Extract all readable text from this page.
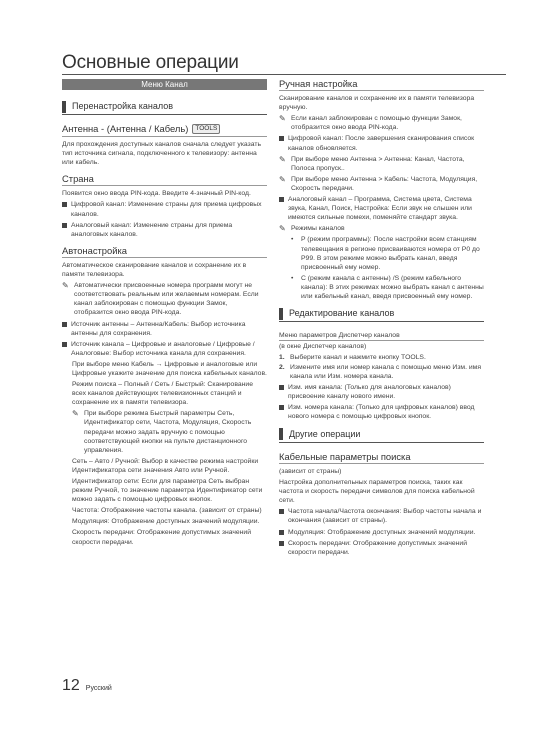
Основные операции
Меню Канал
Перенастройка каналов
Антенна - (Антенна / Кабель)	TOOLS

Для прохождения доступных каналов сначала следует указать тип источника сигнала, подключенного к телевизору: антенна или кабель.

Страна

Появится окно ввода PIN-кода. Введите 4-значный PIN-код.

Цифровой канал: Изменение страны для приема цифровых каналов.
Аналоговый канал: Изменение страны для приема аналоговых каналов.
Автонастройка

Автоматическое сканирование каналов и сохранение их в памяти телевизора.

✎ Автоматически присвоенные номера программ могут не соответствовать реальным или желаемым номерам. Если канал заблокирован с помощью функции Замок, отобразится окно ввода PIN-кода.
Источник антенны – Антенна/Кабель: Выбор источника антенны для сохранения.
Источник канала – Цифровые и аналоговые / Цифровые /Аналоговые: Выбор источника канала для сохранения.

При выборе меню Кабель → Цифровые и аналоговые или Цифровые укажите значение для поиска кабельных каналов.

Режим поиска – Полный / Сеть / Быстрый: Сканирование всех каналов действующих телевизионных станций и сохранение их в памяти телевизора.

✎ При выборе режима Быстрый параметры Сеть, Идентификатор сети, Частота, Модуляция, Скорость передачи можно задать вручную с помощью соответствующей кнопки на пульте дистанционного управления.

Сеть – Авто / Ручной: Выбор в качестве режима настройки Идентификатора сети значения Авто или Ручной.

Идентификатор сети: Если для параметра Сеть выбран режим Ручной, то значение параметра Идентификатор сети можно задать с помощью цифровых кнопок.

Частота: Отображение частоты канала. (зависит от страны)

Модуляция: Отображение доступных значений модуляции.

Скорость передачи: Отображение допустимых значений скорости передачи.

Ручная настройка

Сканирование каналов и сохранение их в памяти телевизора вручную.

✎ Если канал заблокирован с помощью функции Замок, отобразится окно ввода PIN-кода.
Цифровой канал: После завершения сканирования список каналов обновляется.
✎ При выборе меню Антенна > Антенна: Канал, Частота, Полоса пропуск..
✎ При выборе меню Антенна > Кабель: Частота, Модуляция, Скорость передачи.
Аналоговый канал – Программа, Система цвета, Система звука, Канал, Поиск, Настройка: Если звук не слышен или имеются сильные помехи, поменяйте стандарт звука.
✎ Режимы каналов
•	P (режим программы): После настройки всем станциям телевещания в регионе присваиваются номера от P0 до P99. В этом режиме можно выбрать канал, введя присвоенный ему номер.
•	C (режим канала с антенны) /S (режим кабельного канала): В этих режимах можно выбрать канал с антенны или кабельный канал, введя присвоенный ему номер.
Редактирование каналов

Меню параметров Диспетчер каналов

(в окне Диспетчер каналов)

1. Выберите канал и нажмите кнопку TOOLS.
2. Измените имя или номер канала с помощью меню Изм. имя канала или Изм. номера канала.
Изм. имя канала: (Только для аналоговых каналов) присвоение каналу нового имени.
Изм. номера канала: (Только для цифровых каналов) ввод нового номера с помощью цифровых кнопок.
Другие операции
Кабельные параметры поиска

(зависит от страны)

Настройка дополнительных параметров поиска, таких как частота и скорость передачи символов для поиска кабельной сети.

Частота начала/Частота окончания: Выбор частоты начала и окончания (зависит от страны).
Модуляция: Отображение доступных значений модуляции.
Скорость передачи: Отображение допустимых значений скорости передачи.
12 Русский
